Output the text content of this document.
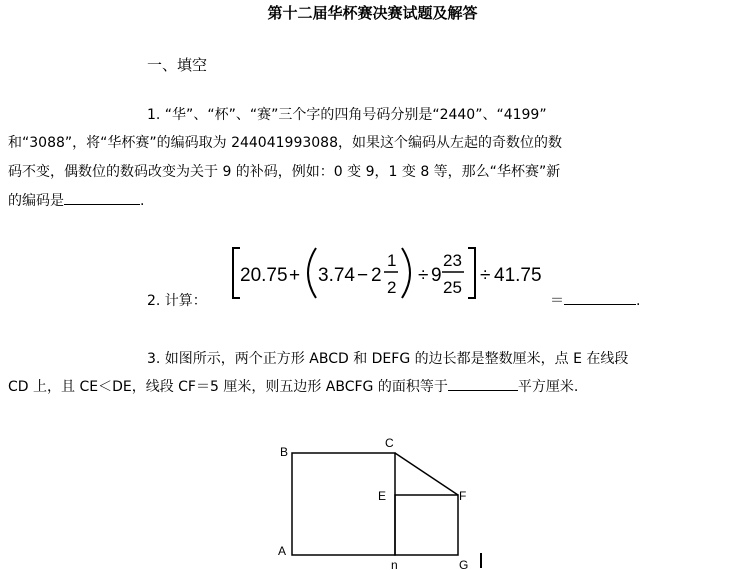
第十二届华杯赛决赛试题及解答
一、填空
1. “华”、“杯”、“赛”三个字的四角号码分别是“2440”、“4199”
和“3088”，将“华杯赛”的编码取为 244041993088，如果这个编码从左起的奇数位的数
码不变，偶数位的数码改变为关于 9 的补码，例如：0 变 9，1 变 8 等，那么“华杯赛”新
的编码是	.
2. 计算：
20.75 + 3.74 − 2
1
2
÷ 9
23
25
÷ 41.75
＝	.
3. 如图所示，两个正方形 ABCD 和 DEFG 的边长都是整数厘米，点 E 在线段
CD 上，且 CE＜DE，线段 CF＝5 厘米，则五边形 ABCFG 的面积等于	平方厘米.
B
C
E	F
A
n	G
